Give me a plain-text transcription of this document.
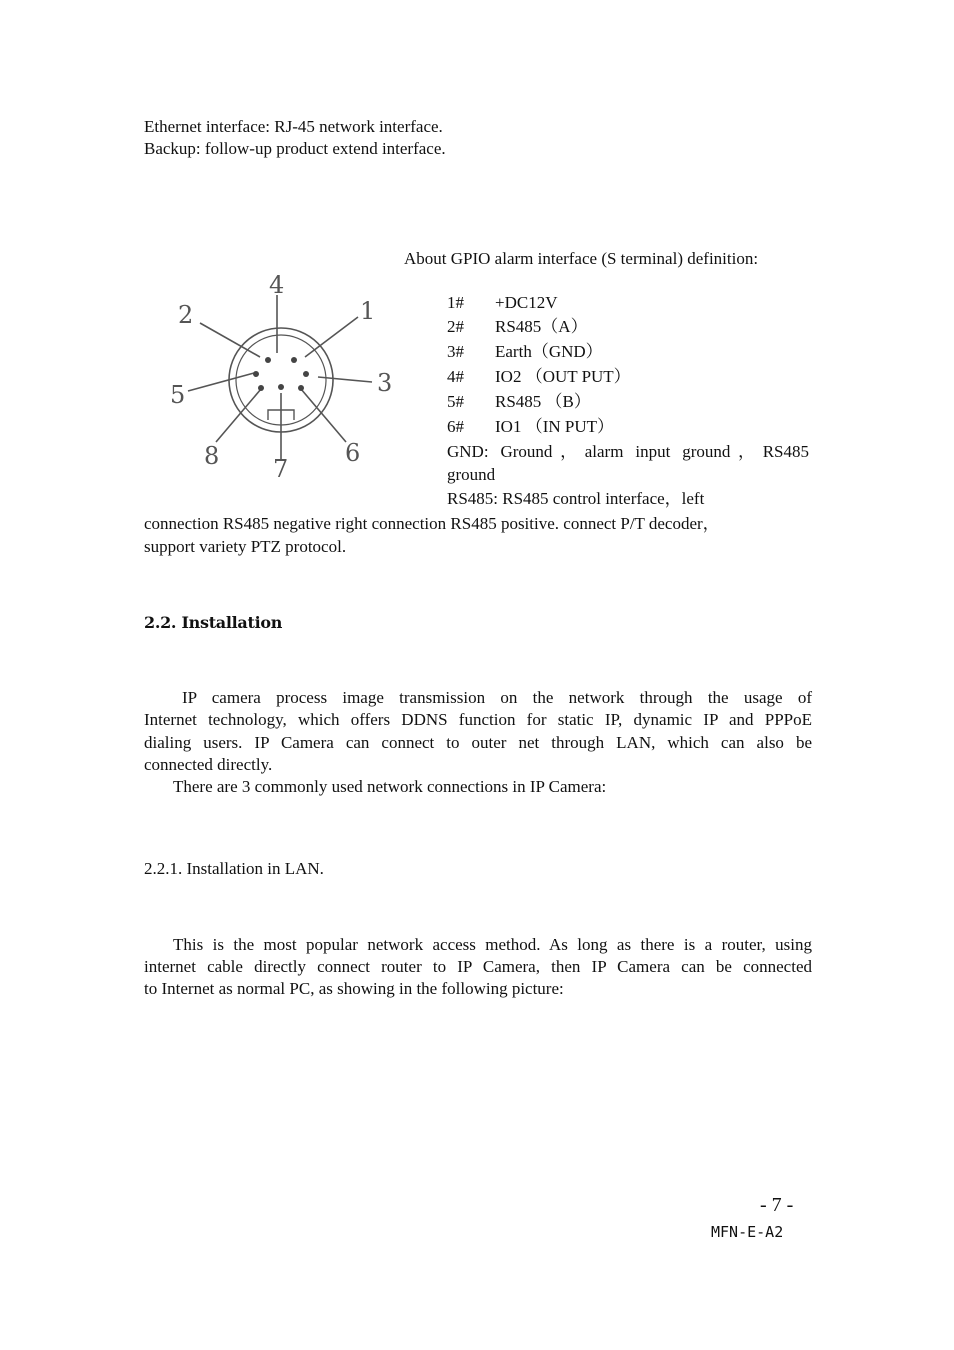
Ethernet interface: RJ-45 network interface.
Backup: follow-up product extend interface.
About GPIO alarm interface (S terminal) definition:
4
1
2
3
5
6
8 7
1#	+DC12V
2#	RS485（A）
3#	Earth（GND）
4#	IO2 （OUT PUT）
5#	RS485 （B）
6#	IO1 （IN PUT）
GND: Ground，alarm input ground，RS485
ground
RS485: RS485 control interface，left
connection RS485 negative right connection RS485 positive. connect P/T decoder，
support variety PTZ protocol.
2.2. Installation
IP camera process image transmission on the network through the usage of
Internet technology, which offers DDNS function for static IP, dynamic IP and PPPoE
dialing users. IP Camera can connect to outer net through LAN, which can also be
connected directly.
There are 3 commonly used network connections in IP Camera:
2.2.1. Installation in LAN.
This is the most popular network access method. As long as there is a router, using
internet cable directly connect router to IP Camera, then IP Camera can be connected
to Internet as normal PC, as showing in the following picture:
- 7 -
MFN-E-A2
